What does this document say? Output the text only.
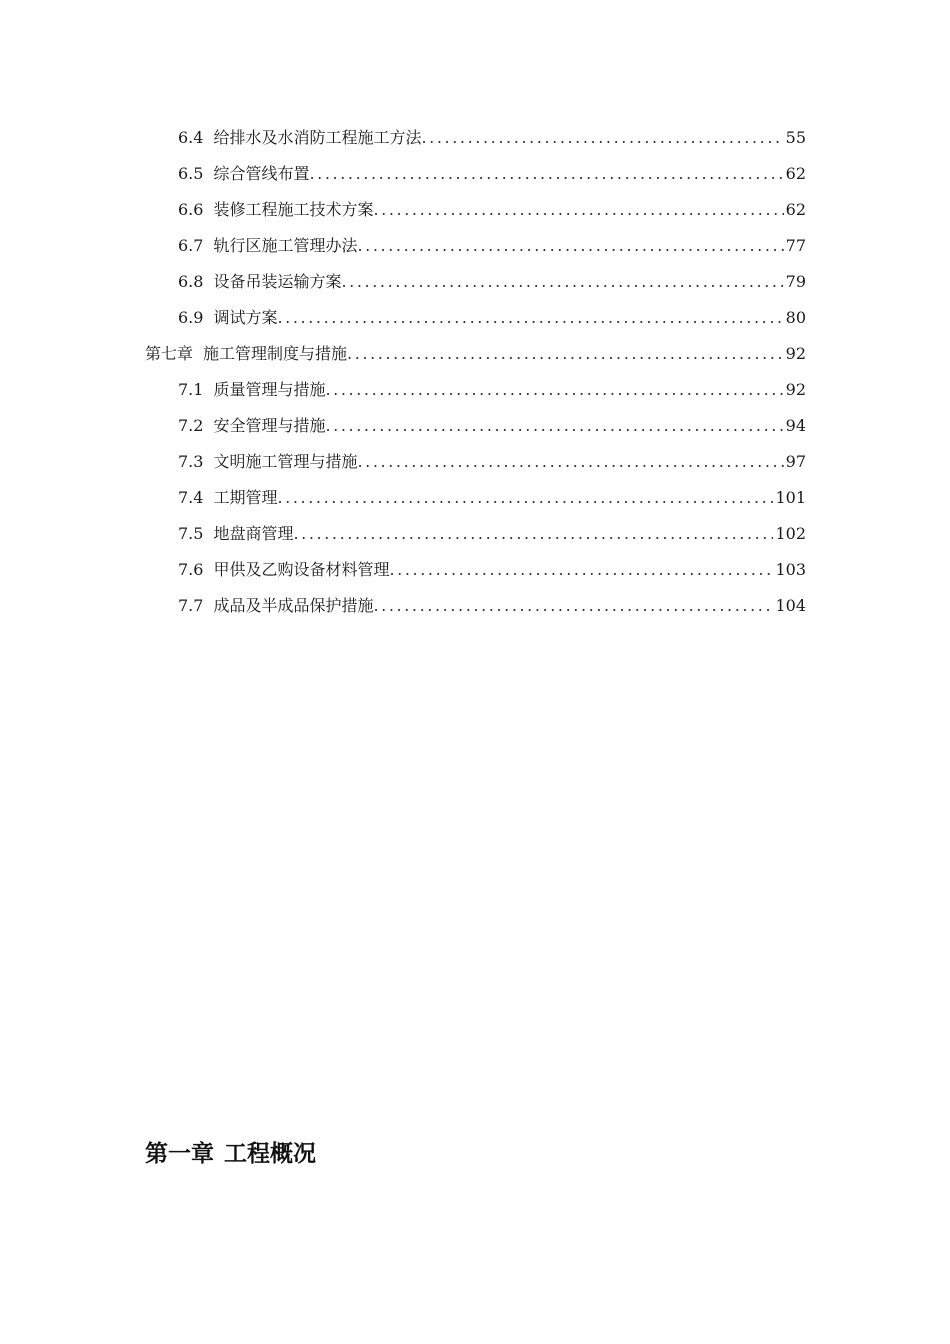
6.4 给排水及水消防工程施工方法 .....	55
6.5 综合管线布置 .....	62
6.6 装修工程施工技术方案 .....	62
6.7 轨行区施工管理办法 .....	77
6.8 设备吊装运输方案 .....	79
6.9 调试方案 .....	80
第七章 施工管理制度与措施 .....	92
7.1 质量管理与措施 .....	92
7.2 安全管理与措施 .....	94
7.3 文明施工管理与措施 .....	97
7.4 工期管理 .....	101
7.5 地盘商管理 .....	102
7.6 甲供及乙购设备材料管理 .....	103
7.7 成品及半成品保护措施 .....	104
第一章 工程概况
